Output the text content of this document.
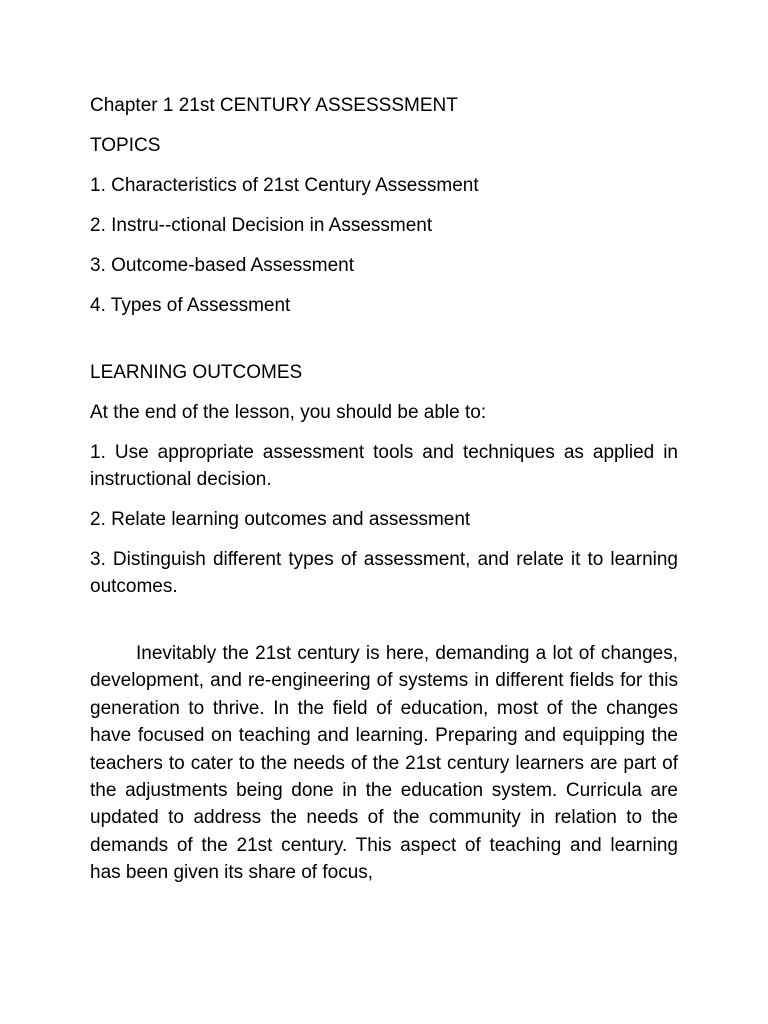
Chapter 1 21st CENTURY ASSESSSMENT
TOPICS
1. Characteristics of 21st Century Assessment
2. Instru--ctional Decision in Assessment
3. Outcome-based Assessment
4. Types of Assessment
LEARNING OUTCOMES
At the end of the lesson, you should be able to:
1. Use appropriate assessment tools and techniques as applied in instructional decision.
2. Relate learning outcomes and assessment
3. Distinguish different types of assessment, and relate it to learning outcomes.

Inevitably the 21st century is here, demanding a lot of changes, development, and re-engineering of systems in different fields for this generation to thrive. In the field of education, most of the changes have focused on teaching and learning. Preparing and equipping the teachers to cater to the needs of the 21st century learners are part of the adjustments being done in the education system. Curricula are updated to address the needs of the community in relation to the demands of the 21st century. This aspect of teaching and learning has been given its share of focus,
